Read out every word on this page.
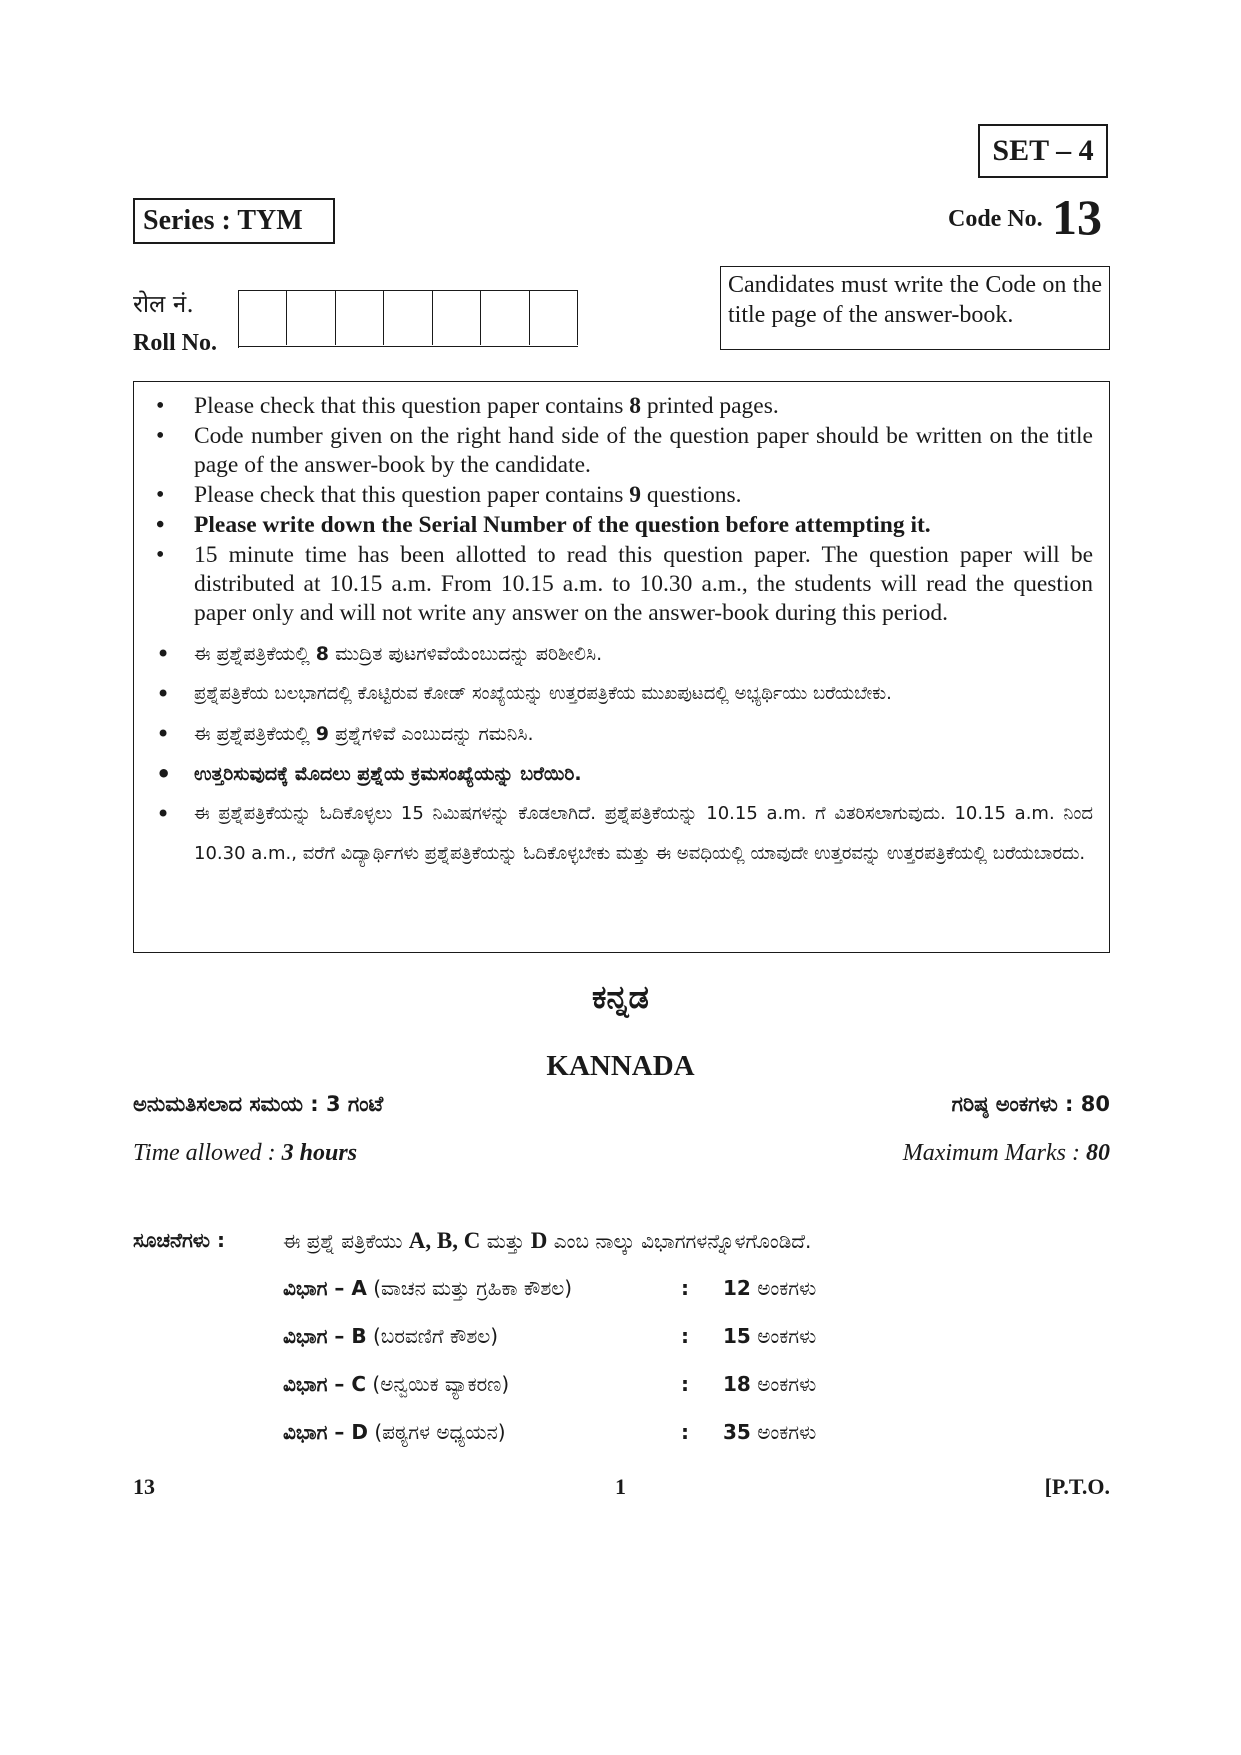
SET – 4
Series : TYM	Code No. 13
रोल नं.
Roll No.
Candidates must write the Code on the title page of the answer-book.
• Please check that this question paper contains 8 printed pages.
• Code number given on the right hand side of the question paper should be written on the title page of the answer-book by the candidate.
• Please check that this question paper contains 9 questions.
• Please write down the Serial Number of the question before attempting it.
• 15 minute time has been allotted to read this question paper. The question paper will be distributed at 10.15 a.m. From 10.15 a.m. to 10.30 a.m., the students will read the question paper only and will not write any answer on the answer-book during this period.
• ಈ ಪ್ರಶ್ನೆಪತ್ರಿಕೆಯಲ್ಲಿ 8 ಮುದ್ರಿತ ಪುಟಗಳಿವೆಯೆಂಬುದನ್ನು ಪರಿಶೀಲಿಸಿ.
• ಪ್ರಶ್ನೆಪತ್ರಿಕೆಯ ಬಲಭಾಗದಲ್ಲಿ ಕೊಟ್ಟಿರುವ ಕೋಡ್ ಸಂಖ್ಯೆಯನ್ನು ಉತ್ತರಪತ್ರಿಕೆಯ ಮುಖಪುಟದಲ್ಲಿ ಅಭ್ಯರ್ಥಿಯು ಬರೆಯಬೇಕು.
• ಈ ಪ್ರಶ್ನೆಪತ್ರಿಕೆಯಲ್ಲಿ 9 ಪ್ರಶ್ನೆಗಳಿವೆ ಎಂಬುದನ್ನು ಗಮನಿಸಿ.
• ಉತ್ತರಿಸುವುದಕ್ಕೆ ಮೊದಲು ಪ್ರಶ್ನೆಯ ಕ್ರಮಸಂಖ್ಯೆಯನ್ನು ಬರೆಯಿರಿ.
• ಈ ಪ್ರಶ್ನೆಪತ್ರಿಕೆಯನ್ನು ಓದಿಕೊಳ್ಳಲು 15 ನಿಮಿಷಗಳನ್ನು ಕೊಡಲಾಗಿದೆ. ಪ್ರಶ್ನೆಪತ್ರಿಕೆಯನ್ನು 10.15 a.m. ಗೆ ವಿತರಿಸಲಾಗುವುದು. 10.15 a.m. ನಿಂದ 10.30 a.m., ವರೆಗೆ ವಿದ್ಯಾರ್ಥಿಗಳು ಪ್ರಶ್ನೆಪತ್ರಿಕೆಯನ್ನು ಓದಿಕೊಳ್ಳಬೇಕು ಮತ್ತು ಈ ಅವಧಿಯಲ್ಲಿ ಯಾವುದೇ ಉತ್ತರವನ್ನು ಉತ್ತರಪತ್ರಿಕೆಯಲ್ಲಿ ಬರೆಯಬಾರದು.
ಕನ್ನಡ
KANNADA
ಅನುಮತಿಸಲಾದ ಸಮಯ : 3 ಗಂಟೆ	ಗರಿಷ್ಠ ಅಂಕಗಳು : 80
Time allowed : 3 hours	Maximum Marks : 80
ಸೂಚನೆಗಳು :	ಈ ಪ್ರಶ್ನೆ ಪತ್ರಿಕೆಯು A, B, C ಮತ್ತು D ಎಂಬ ನಾಲ್ಕು ವಿಭಾಗಗಳನ್ನೊಳಗೊಂಡಿದೆ.
ವಿಭಾಗ – A (ವಾಚನ ಮತ್ತು ಗ್ರಹಿಕಾ ಕೌಶಲ)	: 12 ಅಂಕಗಳು
ವಿಭಾಗ – B (ಬರವಣಿಗೆ ಕೌಶಲ)	: 15 ಅಂಕಗಳು
ವಿಭಾಗ – C (ಅನ್ವಯಿಕ ವ್ಯಾಕರಣ)	: 18 ಅಂಕಗಳು
ವಿಭಾಗ – D (ಪಠ್ಯಗಳ ಅಧ್ಯಯನ)	: 35 ಅಂಕಗಳು
13	1	[P.T.O.
